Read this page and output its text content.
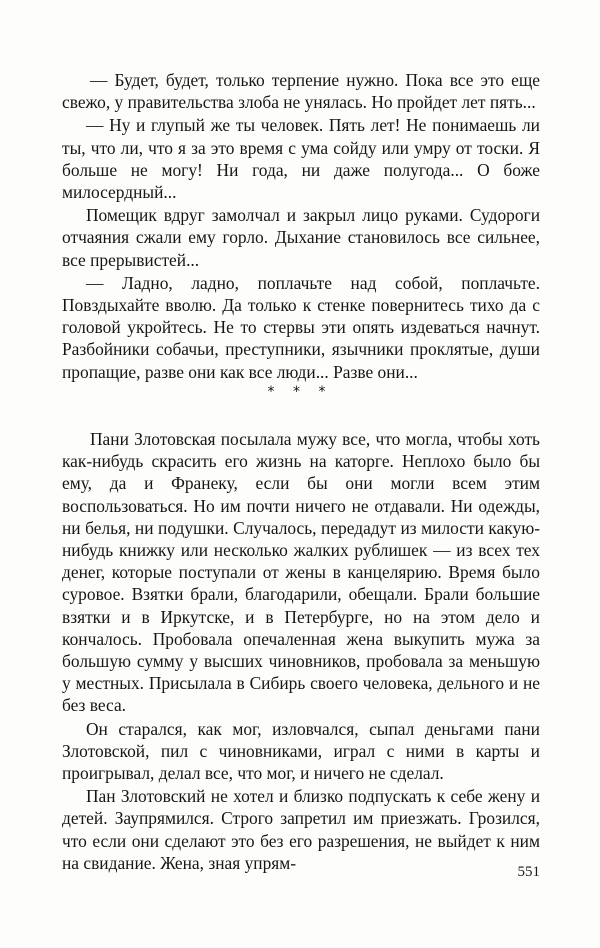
— Будет, будет, только терпение нужно. Пока все это еще свежо, у правительства злоба не унялась. Но пройдет лет пять...

— Ну и глупый же ты человек. Пять лет! Не понимаешь ли ты, что ли, что я за это время с ума сойду или умру от тоски. Я больше не могу! Ни года, ни даже полугода... О боже милосердный...

Помещик вдруг замолчал и закрыл лицо руками. Судороги отчаяния сжали ему горло. Дыхание становилось все сильнее, все прерывистей...

— Ладно, ладно, поплачьте над собой, поплачьте. Повздыхайте вволю. Да только к стенке повернитесь тихо да с головой укройтесь. Не то стервы эти опять издеваться начнут. Разбойники собачьи, преступники, язычники проклятые, души пропащие, разве они как все люди... Разве они...

* * *

Пани Злотовская посылала мужу все, что могла, чтобы хоть как-нибудь скрасить его жизнь на каторге. Неплохо было бы ему, да и Франеку, если бы они могли всем этим воспользоваться. Но им почти ничего не отдавали. Ни одежды, ни белья, ни подушки. Случалось, передадут из милости какую-нибудь книжку или несколько жалких рублишек — из всех тех денег, которые поступали от жены в канцелярию. Время было суровое. Взятки брали, благодарили, обещали. Брали большие взятки и в Иркутске, и в Петербурге, но на этом дело и кончалось. Пробовала опечаленная жена выкупить мужа за большую сумму у высших чиновников, пробовала за меньшую у местных. Присылала в Сибирь своего человека, дельного и не без веса.

Он старался, как мог, изловчался, сыпал деньгами пани Злотовской, пил с чиновниками, играл с ними в карты и проигрывал, делал все, что мог, и ничего не сделал.

Пан Злотовский не хотел и близко подпускать к себе жену и детей. Заупрямился. Строго запретил им приезжать. Грозился, что если они сделают это без его разрешения, не выйдет к ним на свидание. Жена, зная упрям-	551
